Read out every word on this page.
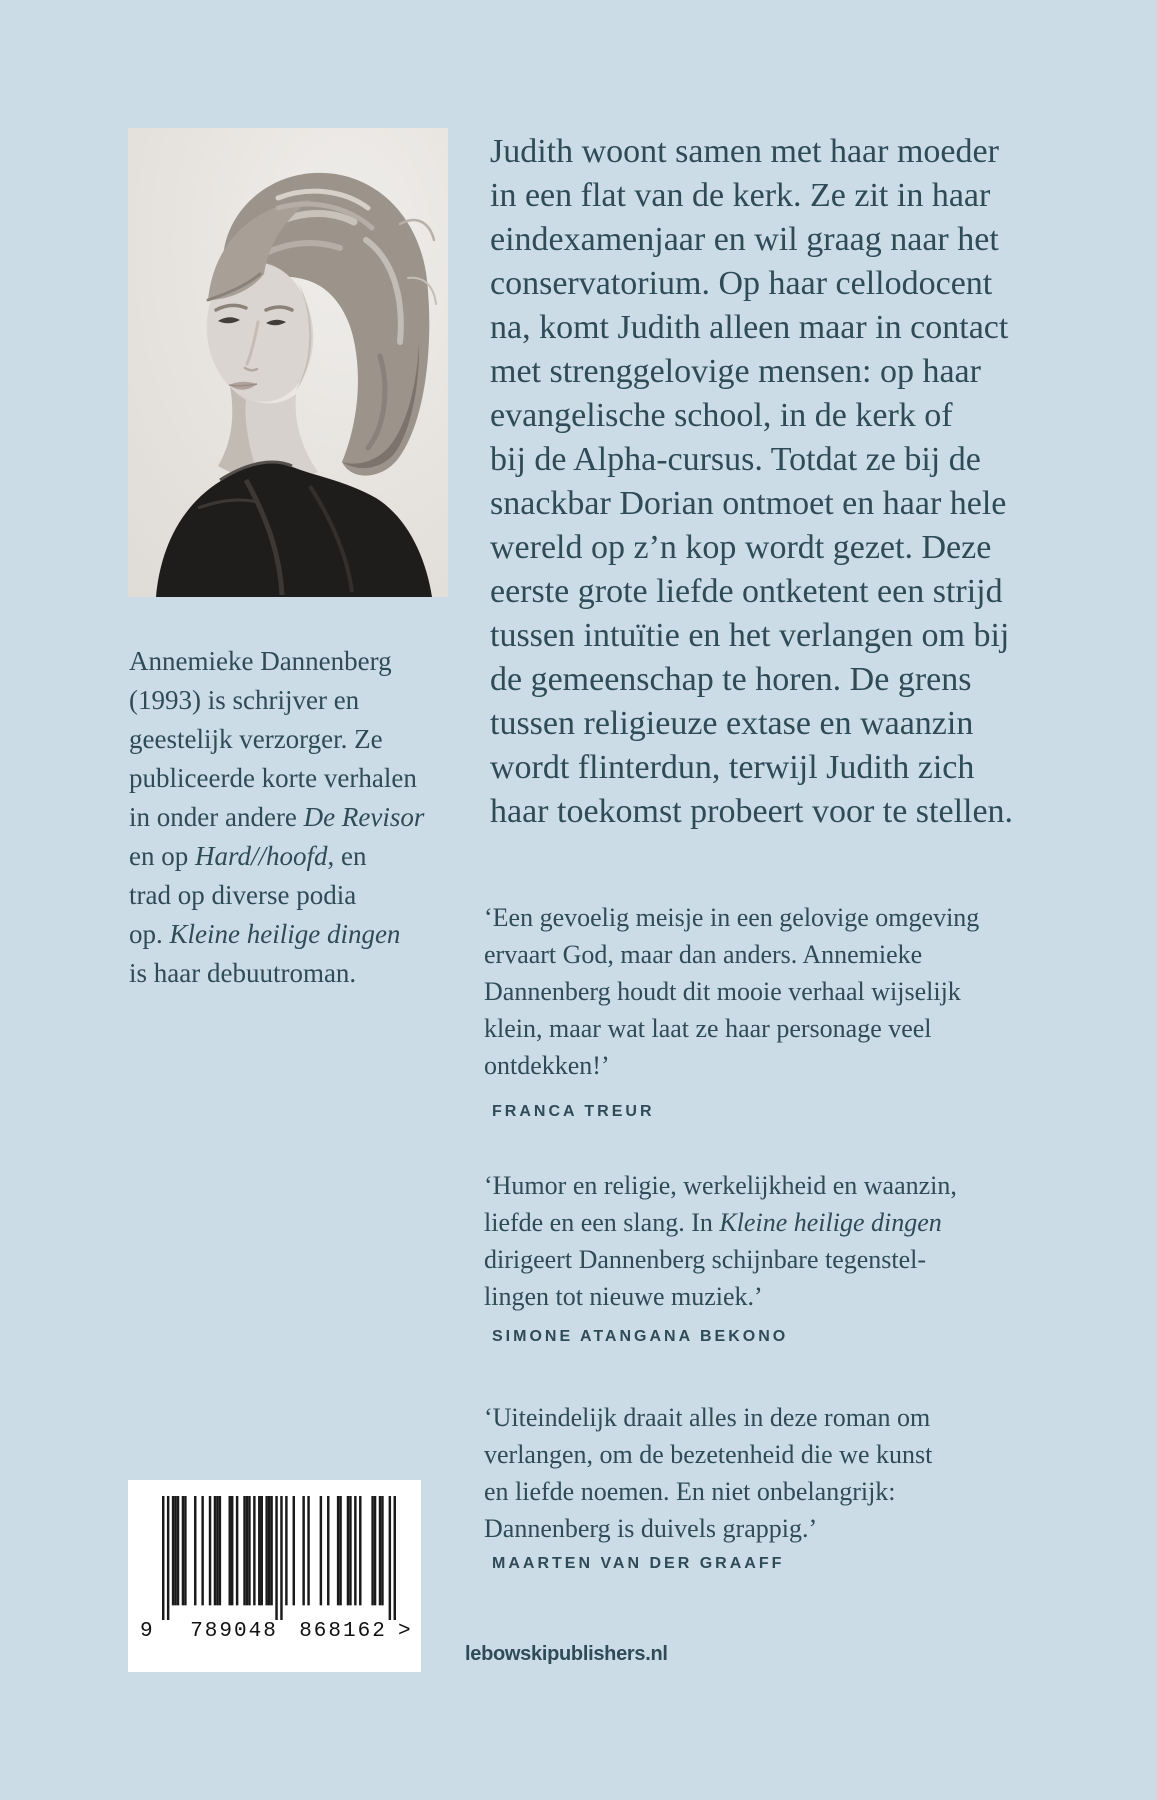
Annemieke Dannenberg
(1993) is schrijver en
geestelijk verzorger. Ze
publiceerde korte verhalen
in onder andere De Revisor
en op Hard//hoofd, en
trad op diverse podia
op. Kleine heilige dingen
is haar debuutroman.
Judith woont samen met haar moeder
in een flat van de kerk. Ze zit in haar
eindexamenjaar en wil graag naar het
conservatorium. Op haar cellodocent
na, komt Judith alleen maar in contact
met strenggelovige mensen: op haar
evangelische school, in de kerk of
bij de Alpha-cursus. Totdat ze bij de
snackbar Dorian ontmoet en haar hele
wereld op z’n kop wordt gezet. Deze
eerste grote liefde ontketent een strijd
tussen intuïtie en het verlangen om bij
de gemeenschap te horen. De grens
tussen religieuze extase en waanzin
wordt flinterdun, terwijl Judith zich
haar toekomst probeert voor te stellen.
‘Een gevoelig meisje in een gelovige omgeving
ervaart God, maar dan anders. Annemieke
Dannenberg houdt dit mooie verhaal wijselijk
klein, maar wat laat ze haar personage veel
ontdekken!’
FRANCA TREUR
‘Humor en religie, werkelijkheid en waanzin,
liefde en een slang. In Kleine heilige dingen
dirigeert Dannenberg schijnbare tegenstel-
lingen tot nieuwe muziek.’
SIMONE ATANGANA BEKONO
‘Uiteindelijk draait alles in deze roman om
verlangen, om de bezetenheid die we kunst
en liefde noemen. En niet onbelangrijk:
Dannenberg is duivels grappig.’
MAARTEN VAN DER GRAAFF
9	789048	868162 >
lebowskipublishers.nl
